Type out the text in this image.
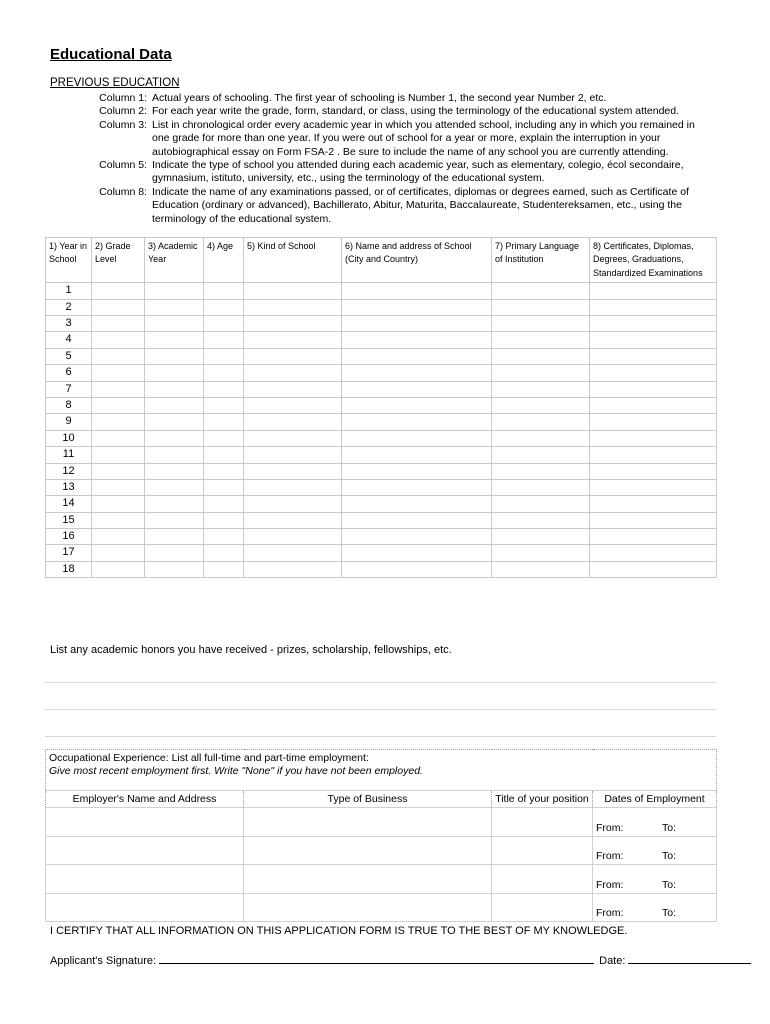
Educational Data
PREVIOUS EDUCATION
Column 1: Actual years of schooling. The first year of schooling is Number 1, the second year Number 2, etc.
Column 2: For each year write the grade, form, standard, or class, using the terminology of the educational system attended.
Column 3: List in chronological order every academic year in which you attended school, including any in which you remained in one grade for more than one year. If you were out of school for a year or more, explain the interruption in your autobiographical essay on Form FSA-2 . Be sure to include the name of any school you are currently attending.
Column 5: Indicate the type of school you attended during each academic year, such as elementary, colegio, écol secondaire, gymnasium, istituto, university, etc., using the terminology of the educational system.
Column 8: Indicate the name of any examinations passed, or of certificates, diplomas or degrees earned, such as Certificate of Education (ordinary or advanced), Bachillerato, Abitur, Maturita, Baccalaureate, Studentereksamen, etc., using the terminology of the educational system.
1) Year in School	2) Grade Level	3) Academic Year	4) Age	5) Kind of School	6) Name and address of School (City and Country)	7) Primary Language of Institution	8) Certificates, Diplomas, Degrees, Graduations, Standardized Examinations
1							
2							
3							
4							
5							
6							
7							
8							
9							
10							
11							
12							
13							
14							
15							
16							
17							
18							
List any academic honors you have received - prizes, scholarship, fellowships, etc.
Occupational Experience: List all full-time and part-time employment:
Give most recent employment first. Write "None" if you have not been employed.			

Employer's Name and Address	Type of Business	Title of your position	Dates of Employment
			From: To:
			From: To:
			From: To:
			From: To:
I CERTIFY THAT ALL INFORMATION ON THIS APPLICATION FORM IS TRUE TO THE BEST OF MY KNOWLEDGE.
Applicant's Signature:	Date:
